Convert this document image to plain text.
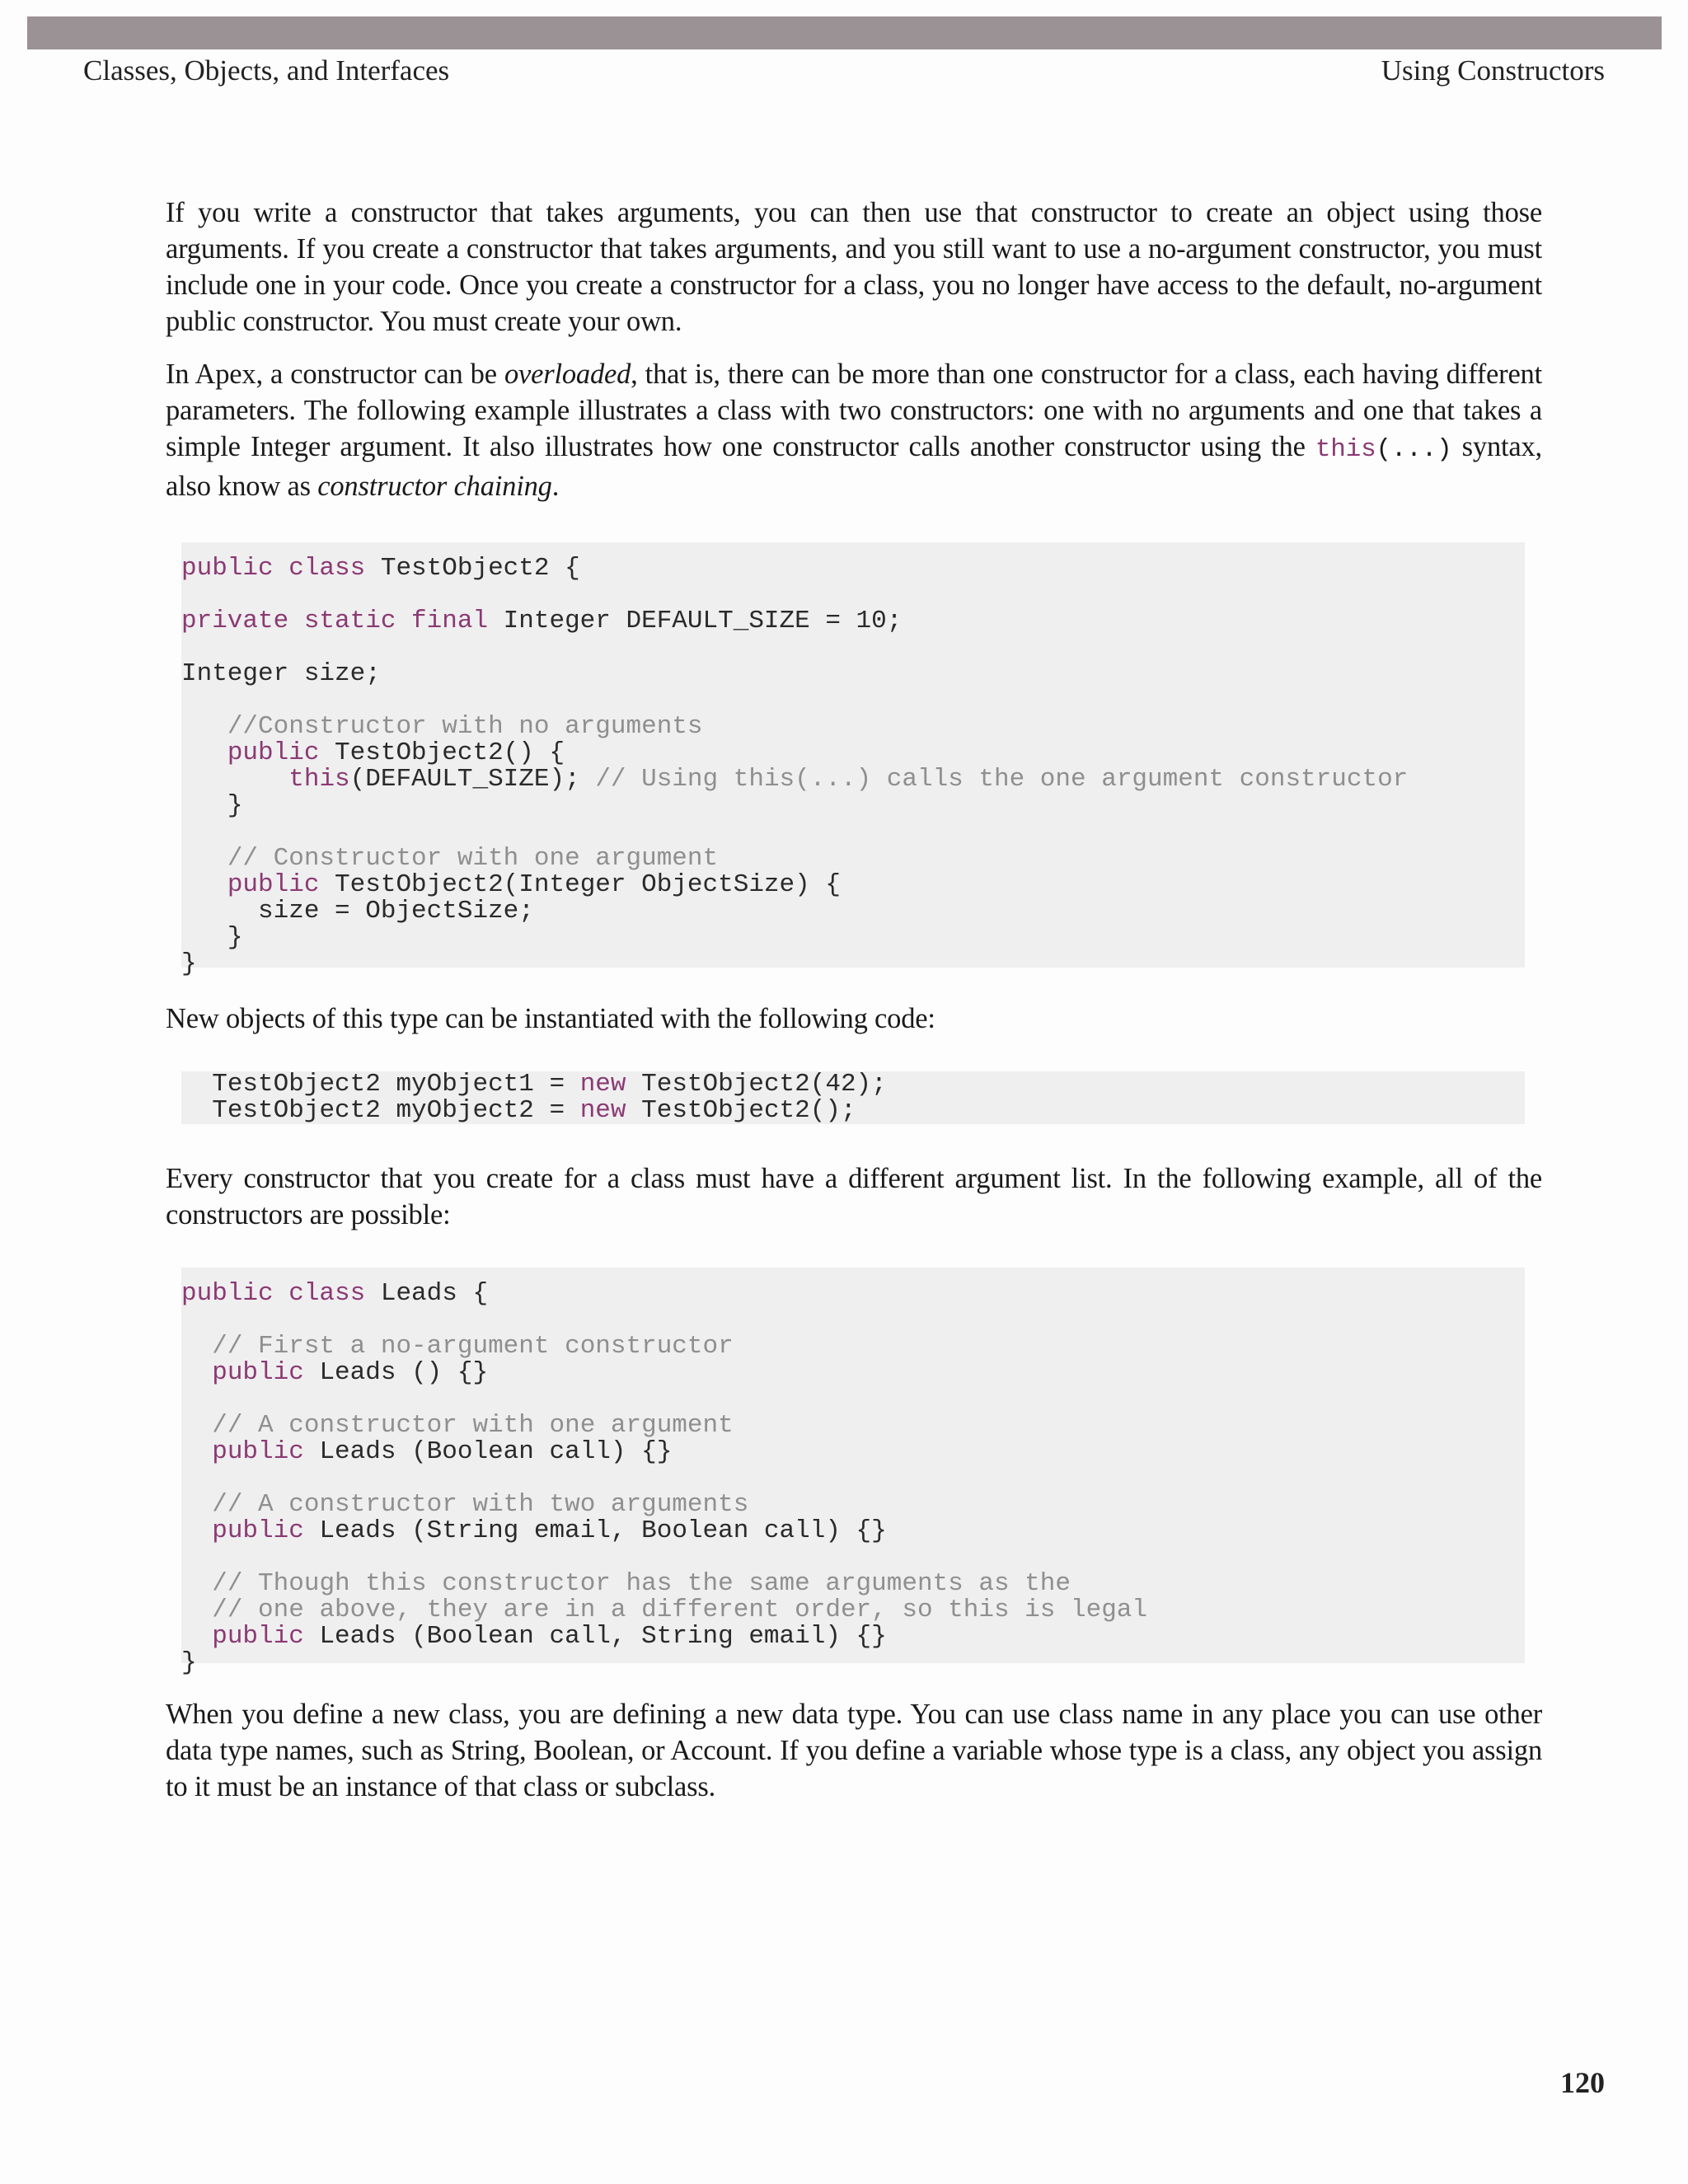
Classes, Objects, and Interfaces	Using Constructors

If you write a constructor that takes arguments, you can then use that constructor to create an object using those arguments. If you create a constructor that takes arguments, and you still want to use a no-argument constructor, you must include one in your code. Once you create a constructor for a class, you no longer have access to the default, no-argument public constructor. You must create your own.

In Apex, a constructor can be overloaded, that is, there can be more than one constructor for a class, each having different parameters. The following example illustrates a class with two constructors: one with no arguments and one that takes a simple Integer argument. It also illustrates how one constructor calls another constructor using the this(...) syntax, also know as constructor chaining.

public class TestObject2 {

private static final Integer DEFAULT_SIZE = 10;

Integer size;

//Constructor with no arguments
public TestObject2() {
this(DEFAULT_SIZE); // Using this(...) calls the one argument constructor
}

// Constructor with one argument
public TestObject2(Integer ObjectSize) {
size = ObjectSize;
}
}

New objects of this type can be instantiated with the following code:

TestObject2 myObject1 = new TestObject2(42);
TestObject2 myObject2 = new TestObject2();

Every constructor that you create for a class must have a different argument list. In the following example, all of the constructors are possible:

public class Leads {

// First a no-argument constructor
public Leads () {}

// A constructor with one argument
public Leads (Boolean call) {}

// A constructor with two arguments
public Leads (String email, Boolean call) {}

// Though this constructor has the same arguments as the
// one above, they are in a different order, so this is legal
public Leads (Boolean call, String email) {}
}

When you define a new class, you are defining a new data type. You can use class name in any place you can use other data type names, such as String, Boolean, or Account. If you define a variable whose type is a class, any object you assign to it must be an instance of that class or subclass.

120
